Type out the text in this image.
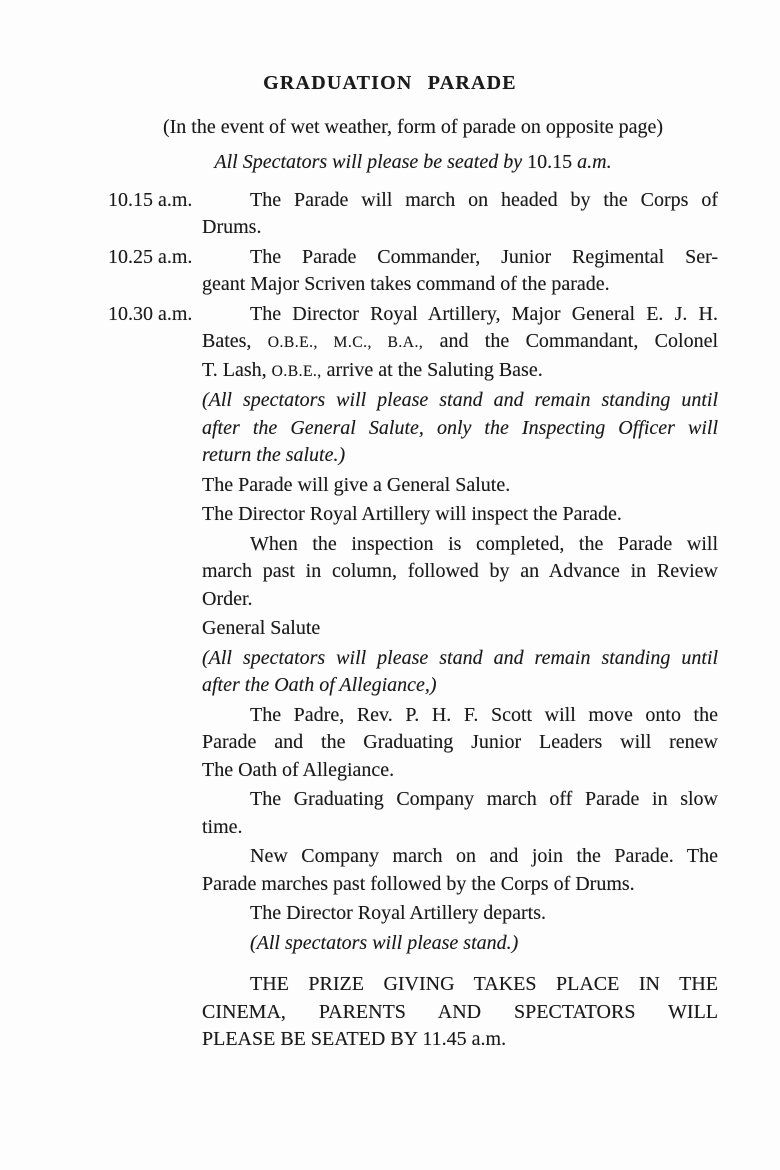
GRADUATION PARADE
(In the event of wet weather, form of parade on opposite page)
All Spectators will please be seated by 10.15 a.m.
10.15 a.m.	The Parade will march on headed by the Corps of
Drums.
10.25 a.m.	The Parade Commander, Junior Regimental Ser-
geant Major Scriven takes command of the parade.
10.30 a.m.	The Director Royal Artillery, Major General E. J. H.
Bates, O.B.E., M.C., B.A., and the Commandant, Colonel
T. Lash, O.B.E., arrive at the Saluting Base.
(All spectators will please stand and remain standing until
after the General Salute, only the Inspecting Officer will
return the salute.)
The Parade will give a General Salute.
The Director Royal Artillery will inspect the Parade.
When the inspection is completed, the Parade will
march past in column, followed by an Advance in Review
Order.
General Salute
(All spectators will please stand and remain standing until
after the Oath of Allegiance,)
The Padre, Rev. P. H. F. Scott will move onto the
Parade and the Graduating Junior Leaders will renew
The Oath of Allegiance.
The Graduating Company march off Parade in slow
time.
New Company march on and join the Parade. The
Parade marches past followed by the Corps of Drums.
The Director Royal Artillery departs.
(All spectators will please stand.)
THE PRIZE GIVING TAKES PLACE IN THE
CINEMA, PARENTS AND SPECTATORS WILL
PLEASE BE SEATED BY 11.45 a.m.
